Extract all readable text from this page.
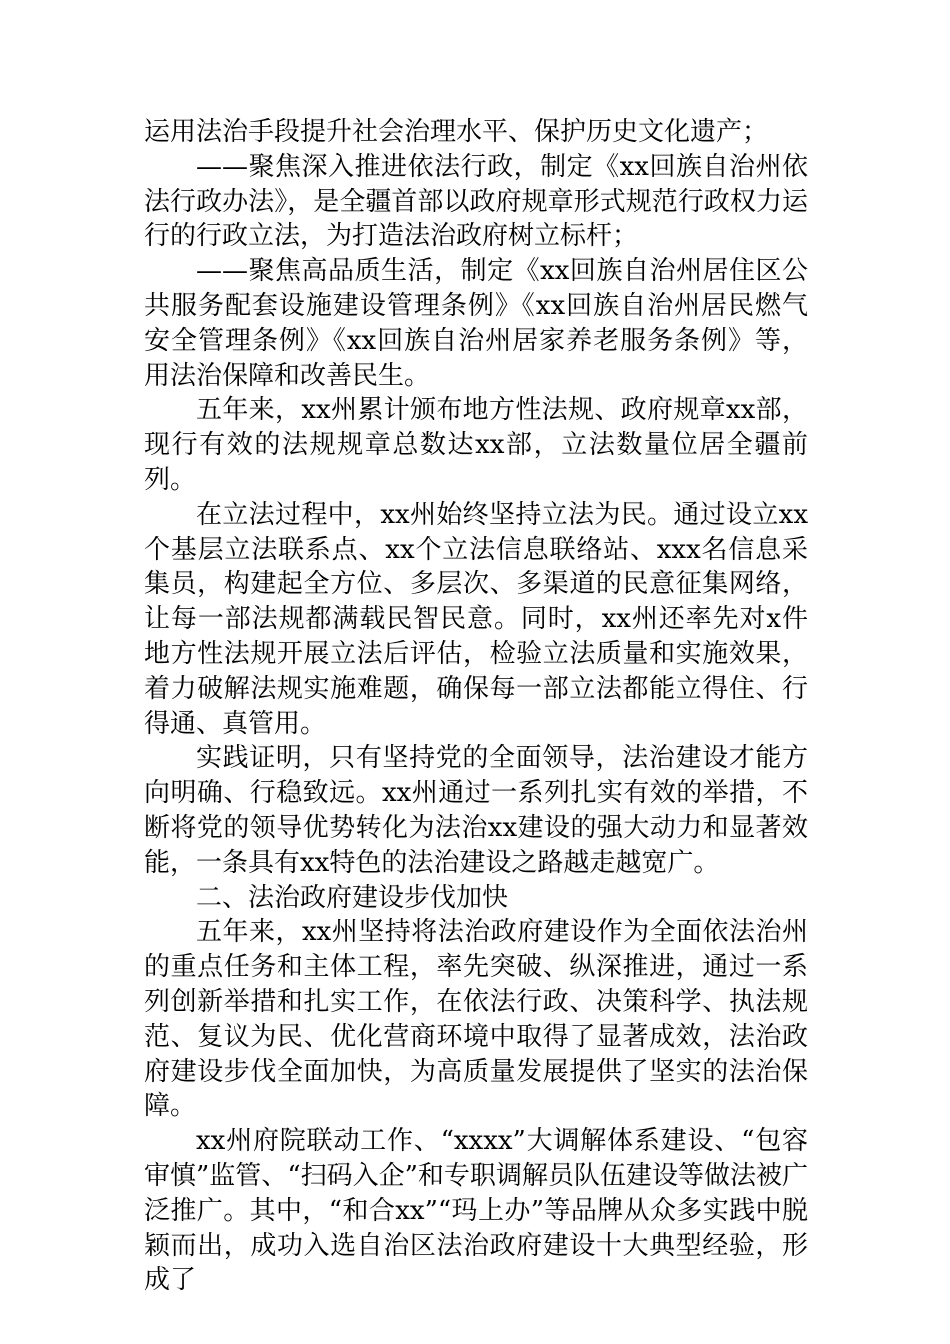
运用法治手段提升社会治理水平、保护历史文化遗产；

——聚焦深入推进依法行政，制定《xx回族自治州依法行政办法》，是全疆首部以政府规章形式规范行政权力运行的行政立法，为打造法治政府树立标杆；

——聚焦高品质生活，制定《xx回族自治州居住区公共服务配套设施建设管理条例》《xx回族自治州居民燃气安全管理条例》《xx回族自治州居家养老服务条例》等，用法治保障和改善民生。

五年来，xx州累计颁布地方性法规、政府规章xx部，现行有效的法规规章总数达xx部，立法数量位居全疆前列。

在立法过程中，xx州始终坚持立法为民。通过设立xx个基层立法联系点、xx个立法信息联络站、xxx名信息采集员，构建起全方位、多层次、多渠道的民意征集网络，让每一部法规都满载民智民意。同时，xx州还率先对x件地方性法规开展立法后评估，检验立法质量和实施效果，着力破解法规实施难题，确保每一部立法都能立得住、行得通、真管用。

实践证明，只有坚持党的全面领导，法治建设才能方向明确、行稳致远。xx州通过一系列扎实有效的举措，不断将党的领导优势转化为法治xx建设的强大动力和显著效能，一条具有xx特色的法治建设之路越走越宽广。

二、法治政府建设步伐加快

五年来，xx州坚持将法治政府建设作为全面依法治州的重点任务和主体工程，率先突破、纵深推进，通过一系列创新举措和扎实工作，在依法行政、决策科学、执法规范、复议为民、优化营商环境中取得了显著成效，法治政府建设步伐全面加快，为高质量发展提供了坚实的法治保障。

xx州府院联动工作、“xxxx”大调解体系建设、“包容审慎”监管、“扫码入企”和专职调解员队伍建设等做法被广泛推广。其中，“和合xx”“玛上办”等品牌从众多实践中脱颖而出，成功入选自治区法治政府建设十大典型经验，形成了
